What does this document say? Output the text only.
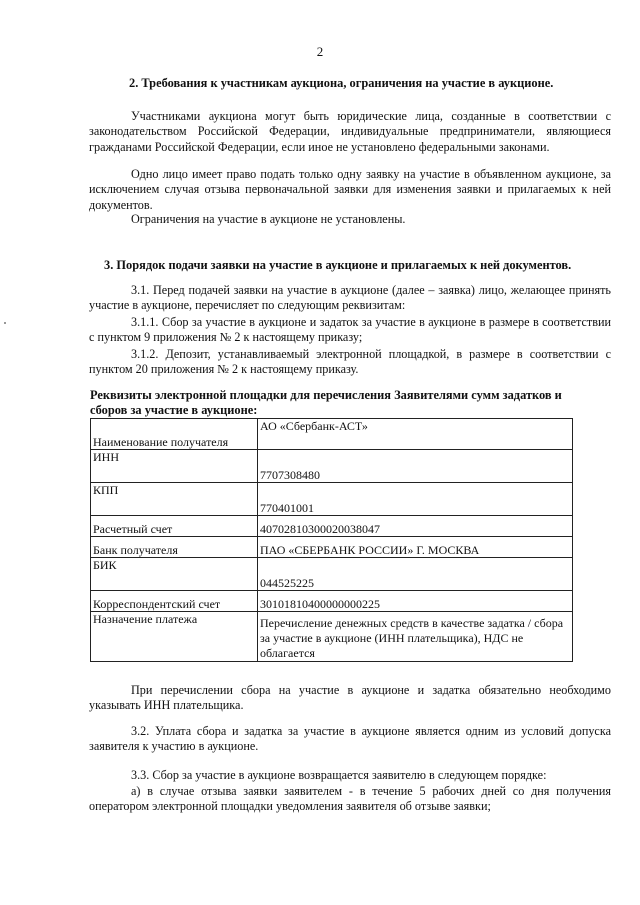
2
2. Требования к участникам аукциона, ограничения на участие в аукционе.
Участниками аукциона могут быть юридические лица, созданные в соответствии с законодательством Российской Федерации, индивидуальные предприниматели, являющиеся гражданами Российской Федерации, если иное не установлено федеральными законами.
Одно лицо имеет право подать только одну заявку на участие в объявленном аукционе, за исключением случая отзыва первоначальной заявки для изменения заявки и прилагаемых к ней документов.
Ограничения на участие в аукционе не установлены.
3. Порядок подачи заявки на участие в аукционе и прилагаемых к ней документов.
3.1. Перед подачей заявки на участие в аукционе (далее – заявка) лицо, желающее принять участие в аукционе, перечисляет по следующим реквизитам:
3.1.1. Сбор за участие в аукционе и задаток за участие в аукционе в размере в соответствии с пунктом 9 приложения № 2 к настоящему приказу;
3.1.2. Депозит, устанавливаемый электронной площадкой, в размере в соответствии с пунктом 20 приложения № 2 к настоящему приказу.
Реквизиты электронной площадки для перечисления Заявителями сумм задатков и сборов за участие в аукционе:
Наименование получателя	АО «Сбербанк-АСТ»
ИНН	7707308480
КПП	770401001
Расчетный счет	40702810300020038047
Банк получателя	ПАО «СБЕРБАНК РОССИИ» Г. МОСКВА
БИК	044525225
Корреспондентский счет	30101810400000000225
Назначение платежа	Перечисление денежных средств в качестве задатка / сбора за участие в аукционе (ИНН плательщика), НДС не облагается
При перечислении сбора на участие в аукционе и задатка обязательно необходимо указывать ИНН плательщика.
3.2. Уплата сбора и задатка за участие в аукционе является одним из условий допуска заявителя к участию в аукционе.
3.3. Сбор за участие в аукционе возвращается заявителю в следующем порядке:
а) в случае отзыва заявки заявителем - в течение 5 рабочих дней со дня получения оператором электронной площадки уведомления заявителя об отзыве заявки;
